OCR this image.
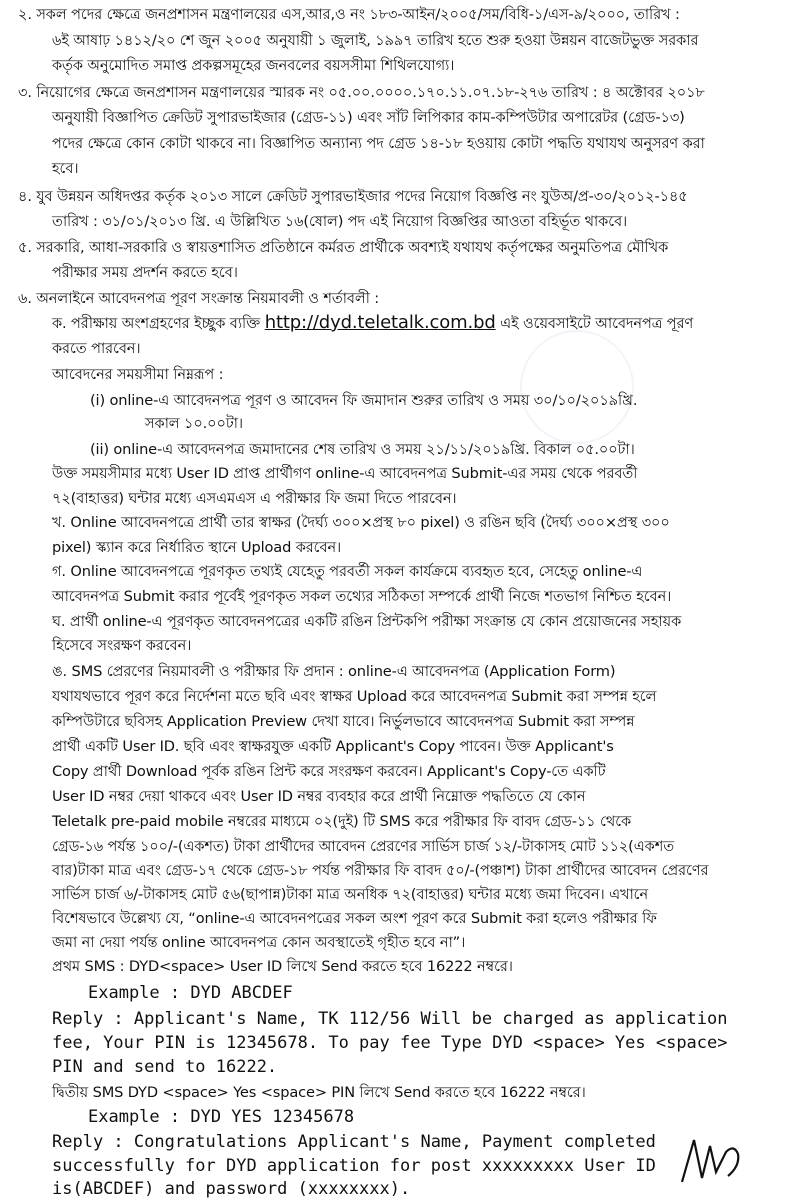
২. সকল পদের ক্ষেত্রে জনপ্রশাসন মন্ত্রণালয়ের এস,আর,ও নং ১৮৩-আইন/২০০৫/সম/বিধি-১/এস-৯/২০০০, তারিখ :
৬ই আষাঢ় ১৪১২/২০ শে জুন ২০০৫ অনুযায়ী ১ জুলাই, ১৯৯৭ তারিখ হতে শুরু হওয়া উন্নয়ন বাজেটভুক্ত সরকার
কর্তৃক অনুমোদিত সমাপ্ত প্রকল্পসমূহের জনবলের বয়সসীমা শিথিলযোগ্য।
৩. নিয়োগের ক্ষেত্রে জনপ্রশাসন মন্ত্রণালয়ের স্মারক নং ০৫.০০.০০০০.১৭০.১১.০৭.১৮-২৭৬ তারিখ : ৪ অক্টোবর ২০১৮
অনুযায়ী বিজ্ঞাপিত ক্রেডিট সুপারভাইজার (গ্রেড-১১) এবং সাঁট লিপিকার কাম-কম্পিউটার অপারেটর (গ্রেড-১৩)
পদের ক্ষেত্রে কোন কোটা থাকবে না। বিজ্ঞাপিত অন্যান্য পদ গ্রেড ১৪-১৮ হওয়ায় কোটা পদ্ধতি যথাযথ অনুসরণ করা
হবে।
৪. যুব উন্নয়ন অধিদপ্তর কর্তৃক ২০১৩ সালে ক্রেডিট সুপারভাইজার পদের নিয়োগ বিজ্ঞপ্তি নং যুউঅ/প্র-৩০/২০১২-১৪৫
তারিখ : ৩১/০১/২০১৩ খ্রি. এ উল্লিখিত ১৬(ষোল) পদ এই নিয়োগ বিজ্ঞপ্তির আওতা বহির্ভূত থাকবে।
৫. সরকারি, আধা-সরকারি ও স্বায়ত্তশাসিত প্রতিষ্ঠানে কর্মরত প্রার্থীকে অবশ্যই যথাযথ কর্তৃপক্ষের অনুমতিপত্র মৌখিক
পরীক্ষার সময় প্রদর্শন করতে হবে।
৬. অনলাইনে আবেদনপত্র পূরণ সংক্রান্ত নিয়মাবলী ও শর্তাবলী :
ক. পরীক্ষায় অংশগ্রহণের ইচ্ছুক ব্যক্তি http://dyd.teletalk.com.bd এই ওয়েবসাইটে আবেদনপত্র পূরণ
করতে পারবেন।
আবেদনের সময়সীমা নিম্নরূপ :
(i) online-এ আবেদনপত্র পূরণ ও আবেদন ফি জমাদান শুরুর তারিখ ও সময় ৩০/১০/২০১৯খ্রি.
সকাল ১০.০০টা।
(ii) online-এ আবেদনপত্র জমাদানের শেষ তারিখ ও সময় ২১/১১/২০১৯খ্রি. বিকাল ০৫.০০টা।
উক্ত সময়সীমার মধ্যে User ID প্রাপ্ত প্রার্থীগণ online-এ আবেদনপত্র Submit-এর সময় থেকে পরবর্তী
৭২(বাহাত্তর) ঘন্টার মধ্যে এসএমএস এ পরীক্ষার ফি জমা দিতে পারবেন।
খ. Online আবেদনপত্রে প্রার্থী তার স্বাক্ষর (দৈর্ঘ্য ৩০০×প্রস্থ ৮০ pixel) ও রঙিন ছবি (দৈর্ঘ্য ৩০০×প্রস্থ ৩০০
pixel) স্ক্যান করে নির্ধারিত স্থানে Upload করবেন।
গ. Online আবেদনপত্রে পূরণকৃত তথ্যই যেহেতু পরবর্তী সকল কার্যক্রমে ব্যবহৃত হবে, সেহেতু online-এ
আবেদনপত্র Submit করার পূর্বেই পূরণকৃত সকল তথ্যের সঠিকতা সম্পর্কে প্রার্থী নিজে শতভাগ নিশ্চিত হবেন।
ঘ. প্রার্থী online-এ পূরণকৃত আবেদনপত্রের একটি রঙিন প্রিন্টকপি পরীক্ষা সংক্রান্ত যে কোন প্রয়োজনের সহায়ক
হিসেবে সংরক্ষণ করবেন।
ঙ. SMS প্রেরণের নিয়মাবলী ও পরীক্ষার ফি প্রদান : online-এ আবেদনপত্র (Application Form)
যথাযথভাবে পূরণ করে নির্দেশনা মতে ছবি এবং স্বাক্ষর Upload করে আবেদনপত্র Submit করা সম্পন্ন হলে
কম্পিউটারে ছবিসহ Application Preview দেখা যাবে। নির্ভুলভাবে আবেদনপত্র Submit করা সম্পন্ন
প্রার্থী একটি User ID. ছবি এবং স্বাক্ষরযুক্ত একটি Applicant's Copy পাবেন। উক্ত Applicant's
Copy প্রার্থী Download পূর্বক রঙিন প্রিন্ট করে সংরক্ষণ করবেন। Applicant's Copy-তে একটি
User ID নম্বর দেয়া থাকবে এবং User ID নম্বর ব্যবহার করে প্রার্থী নিম্নোক্ত পদ্ধতিতে যে কোন
Teletalk pre-paid mobile নম্বরের মাধ্যমে ০২(দুই) টি SMS করে পরীক্ষার ফি বাবদ গ্রেড-১১ থেকে
গ্রেড-১৬ পর্যন্ত ১০০/-(একশত) টাকা প্রার্থীদের আবেদন প্রেরণের সার্ভিস চার্জ ১২/-টাকাসহ মোট ১১২(একশত
বার)টাকা মাত্র এবং গ্রেড-১৭ থেকে গ্রেড-১৮ পর্যন্ত পরীক্ষার ফি বাবদ ৫০/-(পঞ্চাশ) টাকা প্রার্থীদের আবেদন প্রেরণের
সার্ভিস চার্জ ৬/-টাকাসহ মোট ৫৬(ছাপান্ন)টাকা মাত্র অনধিক ৭২(বাহাত্তর) ঘন্টার মধ্যে জমা দিবেন। এখানে
বিশেষভাবে উল্লেখ্য যে, “online-এ আবেদনপত্রের সকল অংশ পূরণ করে Submit করা হলেও পরীক্ষার ফি
জমা না দেয়া পর্যন্ত online আবেদনপত্র কোন অবস্থাতেই গৃহীত হবে না”।
প্রথম SMS : DYD<space> User ID লিখে Send করতে হবে 16222 নম্বরে।
Example : DYD ABCDEF
Reply : Applicant's Name, TK 112/56 Will be charged as application
fee, Your PIN is 12345678. To pay fee Type DYD <space> Yes <space>
PIN and send to 16222.
দ্বিতীয় SMS DYD <space> Yes <space> PIN লিখে Send করতে হবে 16222 নম্বরে।
Example : DYD YES 12345678
Reply : Congratulations Applicant's Name, Payment completed
successfully for DYD application for post xxxxxxxxx User ID
is(ABCDEF) and password (xxxxxxxx).
